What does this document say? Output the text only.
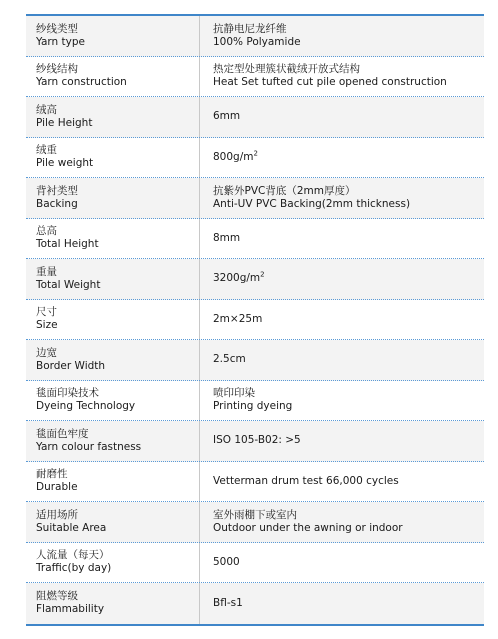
纱线类型
Yarn type
抗静电尼龙纤维
100% Polyamide
纱线结构
Yarn construction
热定型处理簇状截绒开放式结构
Heat Set tufted cut pile opened construction
绒高
Pile Height
6mm
绒重
Pile weight
$800g/m^2$
背衬类型
Backing
抗紫外PVC背底（2mm厚度）
Anti-UV PVC Backing(2mm thickness)
总高
Total Height
8mm
重量
Total Weight
$3200g/m^2$
尺寸
Size
2m×25m
边宽
Border Width
2.5cm
毯面印染技术
Dyeing Technology
喷印印染
Printing dyeing
毯面色牢度
Yarn colour fastness
ISO 105-B02: >5
耐磨性
Durable
Vetterman drum test 66,000 cycles
适用场所
Suitable Area
室外雨棚下或室内
Outdoor under the awning or indoor
人流量（每天）
Traffic(by day)
5000
阻燃等级
Flammability
Bfl-s1
